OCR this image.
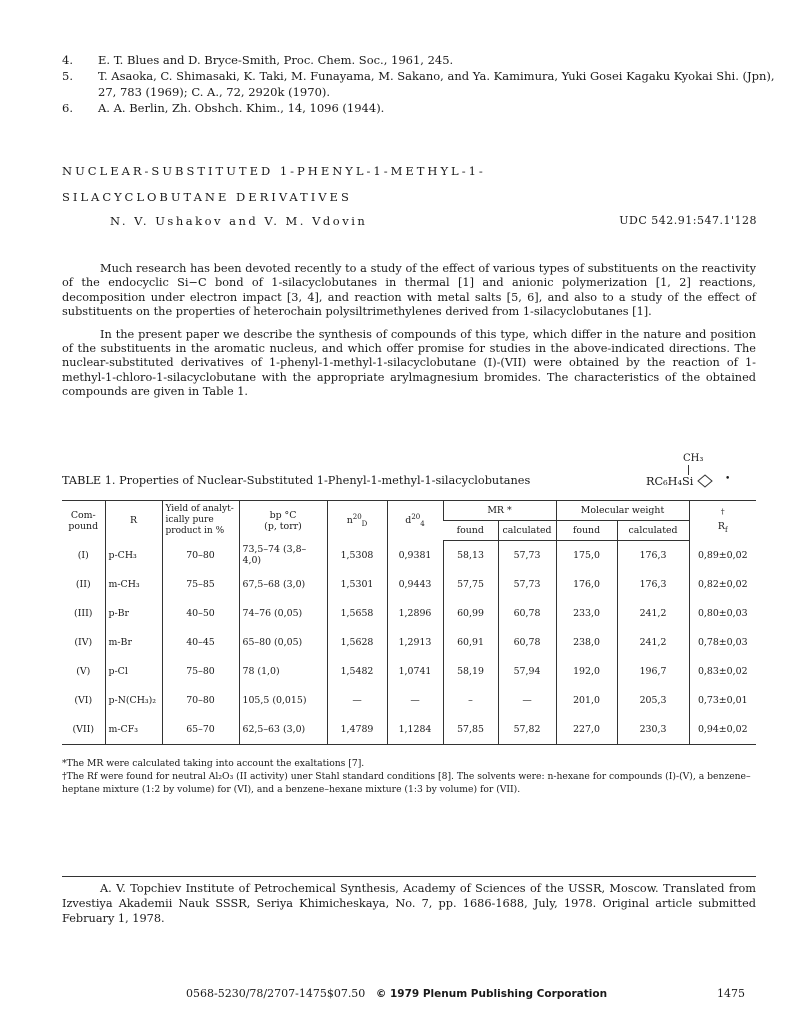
4.	E. T. Blues and D. Bryce-Smith, Proc. Chem. Soc., 1961, 245.
5.	T. Asaoka, C. Shimasaki, K. Taki, M. Funayama, M. Sakano, and Ya. Kamimura, Yuki Gosei Kagaku Kyokai Shi. (Jpn), 27, 783 (1969); C. A., 72, 2920k (1970).
6.	A. A. Berlin, Zh. Obshch. Khim., 14, 1096 (1944).
NUCLEAR-SUBSTITUTED 1-PHENYL-1-METHYL-1-
SILACYCLOBUTANE DERIVATIVES
N. V. Ushakov and V. M. Vdovin	UDC 542.91:547.1'128

Much research has been devoted recently to a study of the effect of various types of substituents on the reactivity of the endocyclic Si−C bond of 1-silacyclobutanes in thermal [1] and anionic polymerization [1, 2] reactions, decomposition under electron impact [3, 4], and reaction with metal salts [5, 6], and also to a study of the effect of substituents on the properties of heterochain polysiltrimethylenes derived from 1-silacyclobutanes [1].

In the present paper we describe the synthesis of compounds of this type, which differ in the nature and position of the substituents in the aromatic nucleus, and which offer promise for studies in the above-indicated directions. The nuclear-substituted derivatives of 1-phenyl-1-methyl-1-silacyclobutane (I)-(VII) were obtained by the reaction of 1-methyl-1-chloro-1-silacyclobutane with the appropriate arylmagnesium bromides. The characteristics of the obtained compounds are given in Table 1.

TABLE 1. Properties of Nuclear-Substituted 1-Phenyl-1-methyl-1-silacyclobutanes
CH₃
RC₆H₄Si	•
Com-
pound	R	Yield of analyt- ically pure product in %	bp °C
(p, torr)	$n^{20}_D$	$d^{20}_4$	MR *		Molecular weight		†
$R_f$
						found	calculated	found	calculated	
(I)	p-CH₃	70–80	73,5–74 (3,8–4,0)	1,5308	0,9381	58,13	57,73	175,0	176,3	0,89±0,02
(II)	m-CH₃	75–85	67,5–68 (3,0)	1,5301	0,9443	57,75	57,73	176,0	176,3	0,82±0,02
(III)	p-Br	40–50	74–76 (0,05)	1,5658	1,2896	60,99	60,78	233,0	241,2	0,80±0,03
(IV)	m-Br	40–45	65–80 (0,05)	1,5628	1,2913	60,91	60,78	238,0	241,2	0,78±0,03
(V)	p-Cl	75–80	78 (1,0)	1,5482	1,0741	58,19	57,94	192,0	196,7	0,83±0,02
(VI)	p-N(CH₃)₂	70–80	105,5 (0,015)	—	—	–	—	201,0	205,3	0,73±0,01
(VII)	m-CF₃	65–70	62,5–63 (3,0)	1,4789	1,1284	57,85	57,82	227,0	230,3	0,94±0,02
*The MR were calculated taking into account the exaltations [7].
†The Rf were found for neutral Al₂O₃ (II activity) uner Stahl standard conditions [8]. The solvents were: n-hexane for compounds (I)-(V), a benzene–heptane mixture (1:2 by volume) for (VI), and a benzene–hexane mixture (1:3 by volume) for (VII).
A. V. Topchiev Institute of Petrochemical Synthesis, Academy of Sciences of the USSR, Moscow. Translated from Izvestiya Akademii Nauk SSSR, Seriya Khimicheskaya, No. 7, pp. 1686-1688, July, 1978. Original article submitted February 1, 1978.
0568-5230/78/2707-1475$07.50 © 1979 Plenum Publishing Corporation	1475
